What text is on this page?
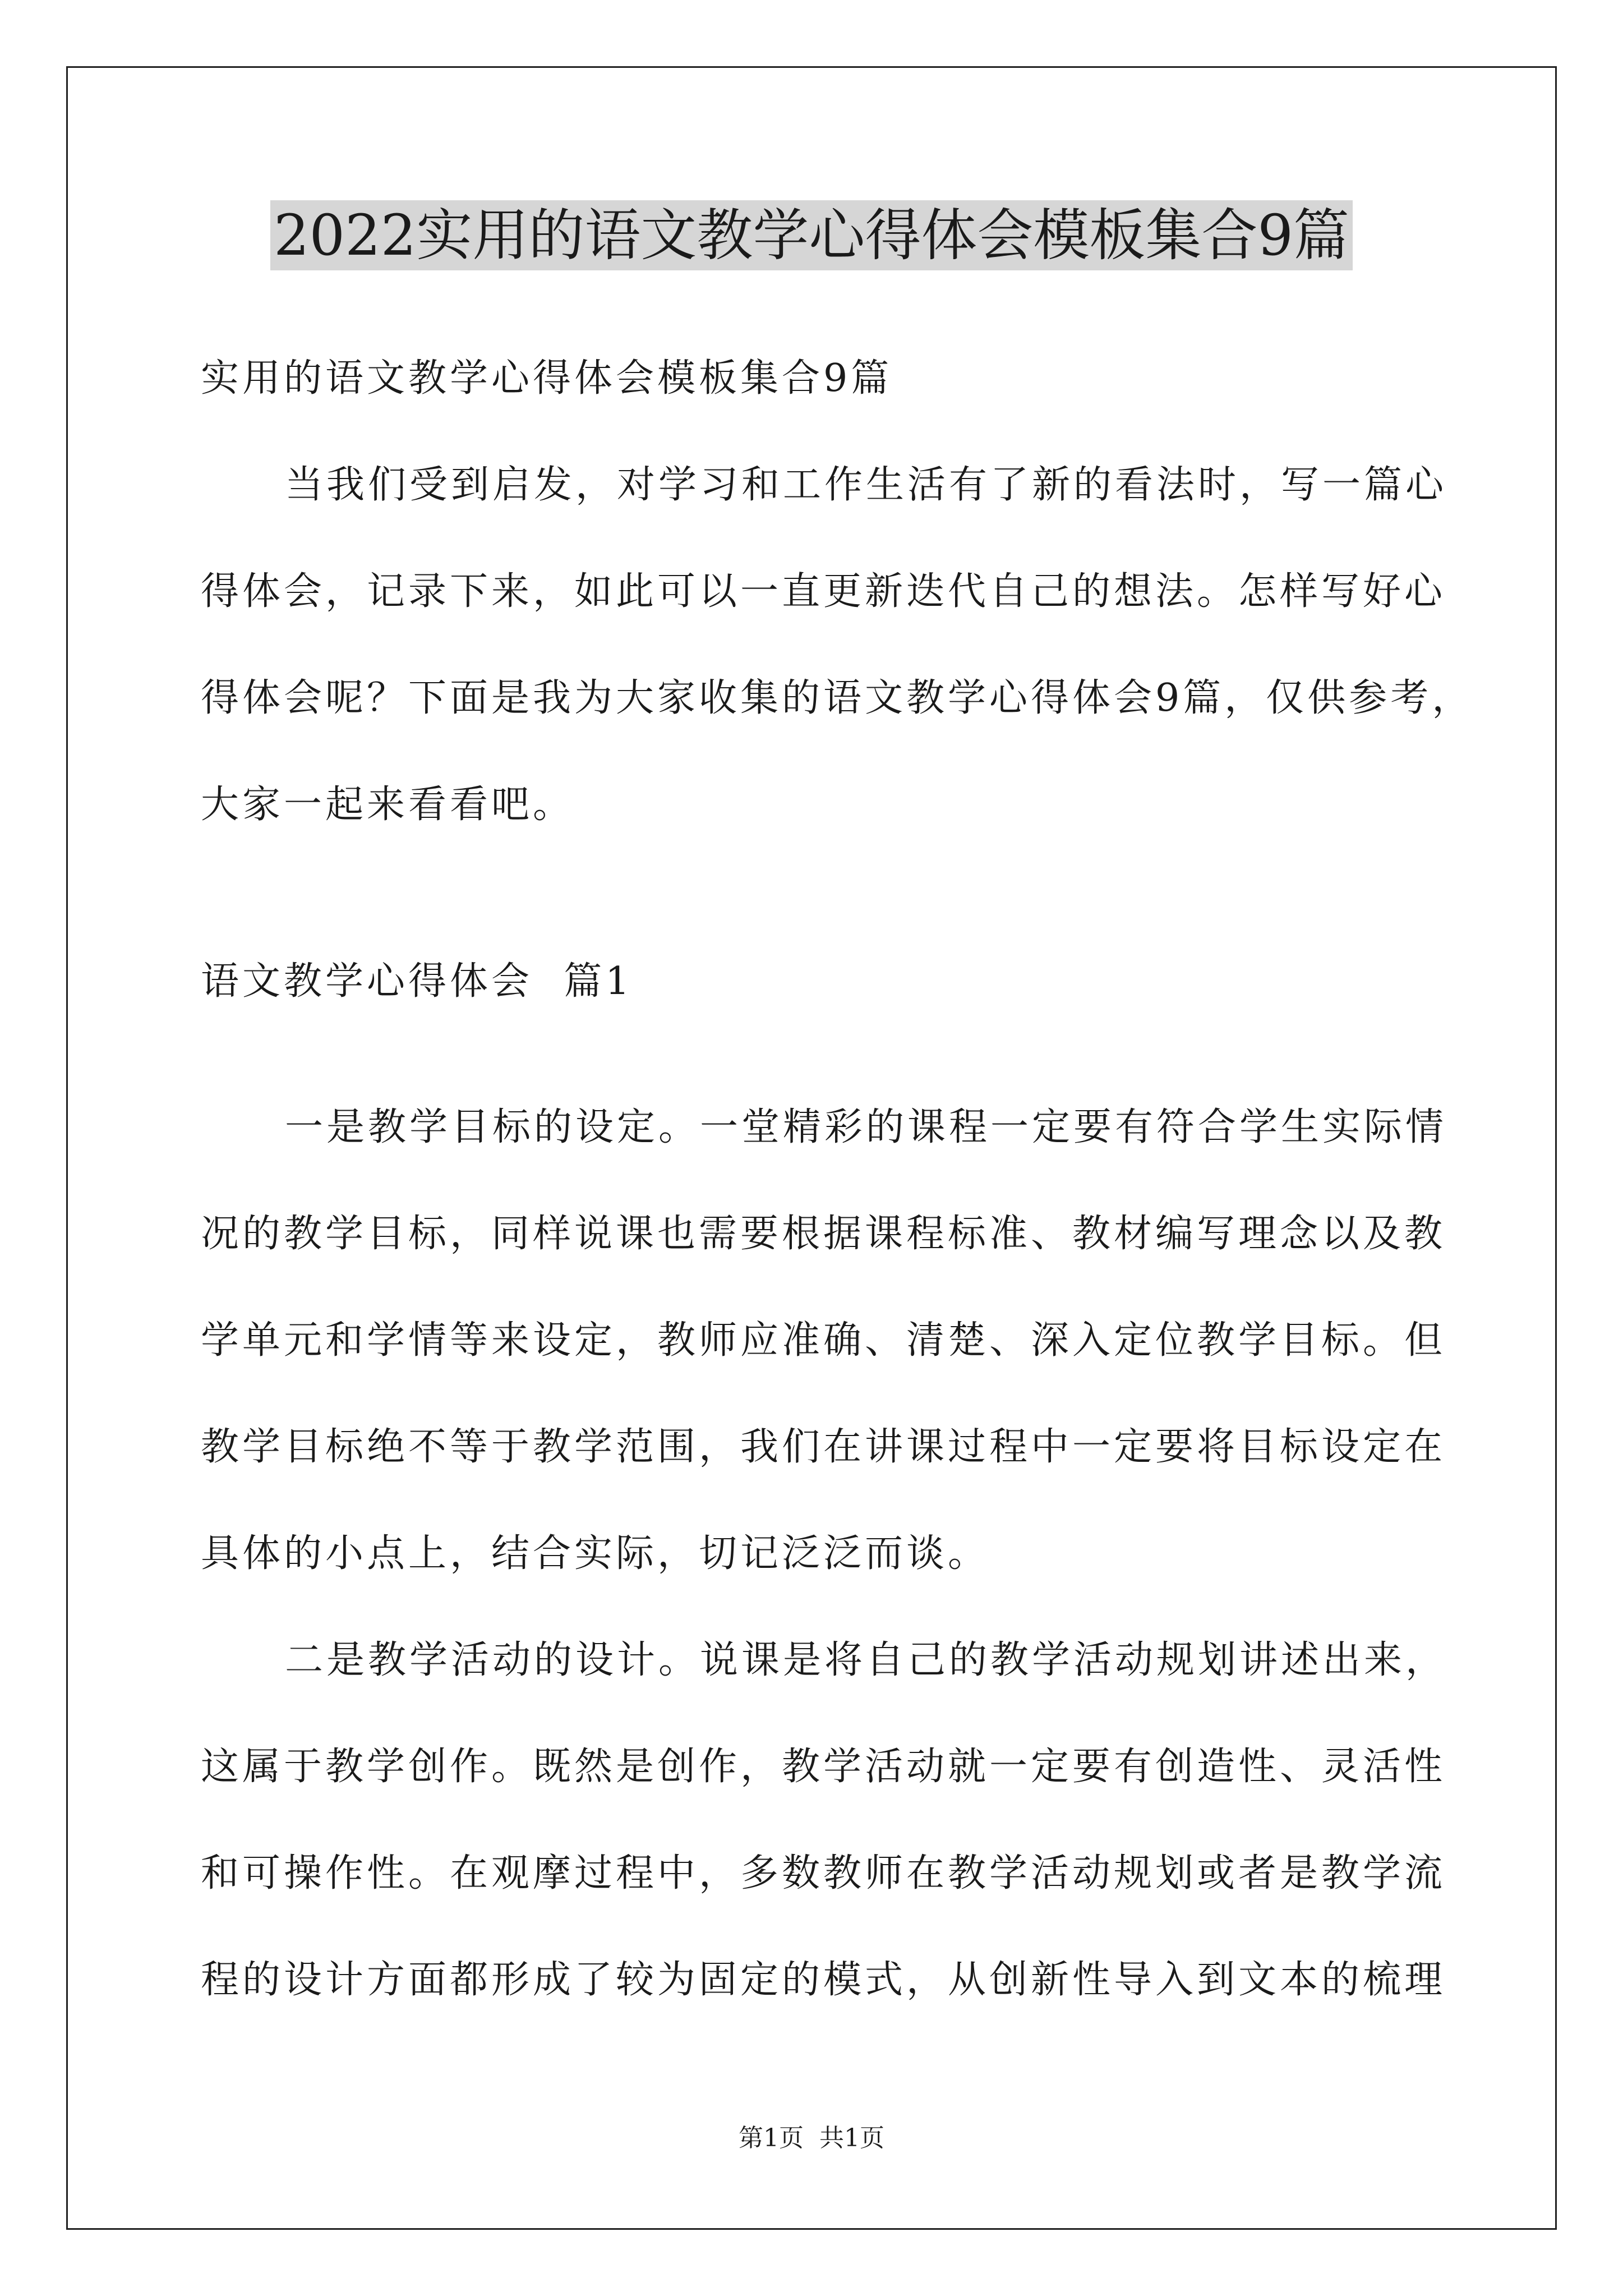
2022实用的语文教学心得体会模板集合9篇
实用的语文教学心得体会模板集合9篇
当我们受到启发，对学习和工作生活有了新的看法时，写一篇心
得体会，记录下来，如此可以一直更新迭代自己的想法。怎样写好心
得体会呢？下面是我为大家收集的语文教学心得体会9篇，仅供参考，
大家一起来看看吧。
语文教学心得体会  篇1
一是教学目标的设定。一堂精彩的课程一定要有符合学生实际情
况的教学目标，同样说课也需要根据课程标准、教材编写理念以及教
学单元和学情等来设定，教师应准确、清楚、深入定位教学目标。但
教学目标绝不等于教学范围，我们在讲课过程中一定要将目标设定在
具体的小点上，结合实际，切记泛泛而谈。
二是教学活动的设计。说课是将自己的教学活动规划讲述出来，
这属于教学创作。既然是创作，教学活动就一定要有创造性、灵活性
和可操作性。在观摩过程中，多数教师在教学活动规划或者是教学流
程的设计方面都形成了较为固定的模式，从创新性导入到文本的梳理
第1页  共1页
